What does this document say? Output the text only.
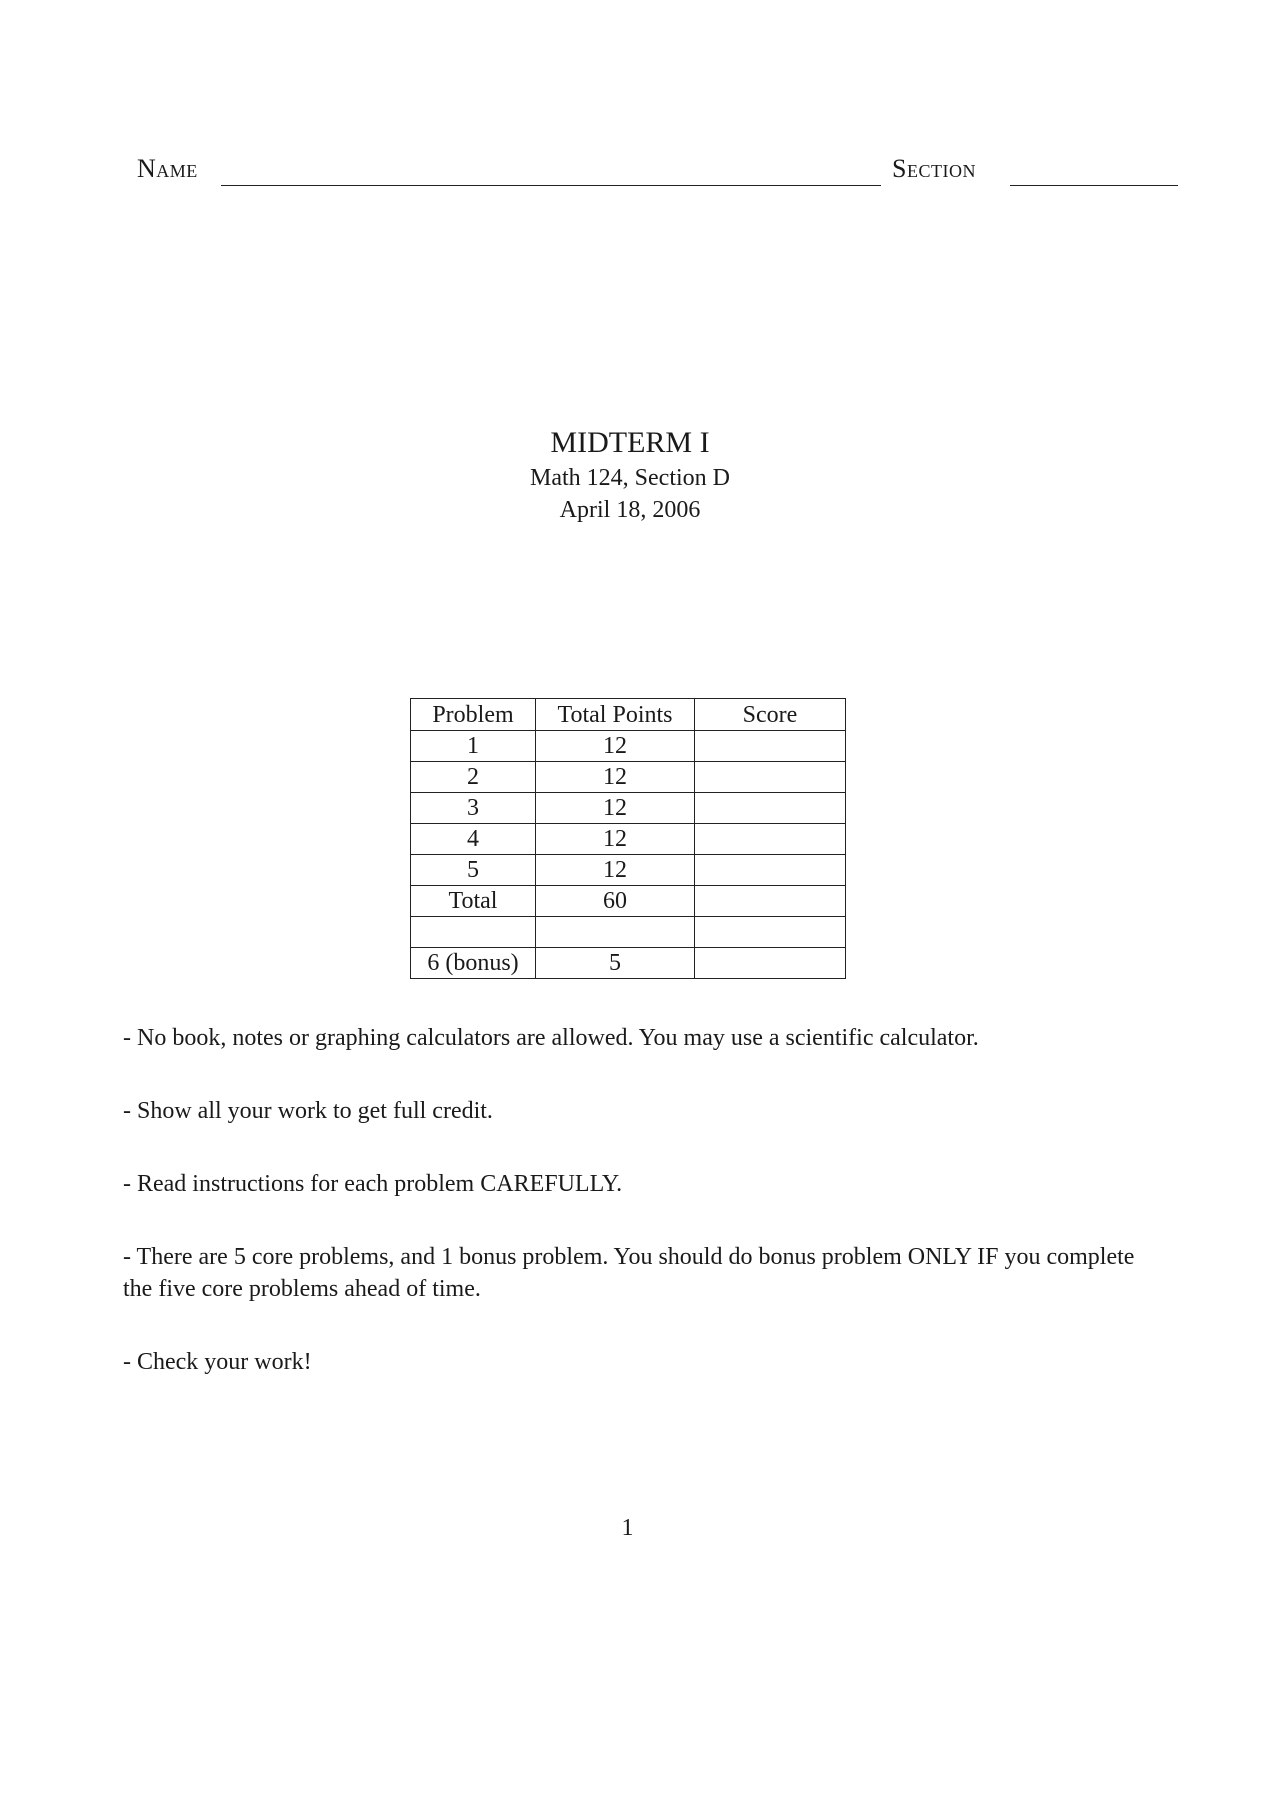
Name	Section
MIDTERM I
Math 124, Section D
April 18, 2006
Problem	Total Points	Score
1	12	
2	12	
3	12	
4	12	
5	12	
Total	60	

6 (bonus)	5	

- No book, notes or graphing calculators are allowed. You may use a scientific calculator.

- Show all your work to get full credit.

- Read instructions for each problem CAREFULLY.

- There are 5 core problems, and 1 bonus problem. You should do bonus problem ONLY IF you complete the five core problems ahead of time.

- Check your work!

1
